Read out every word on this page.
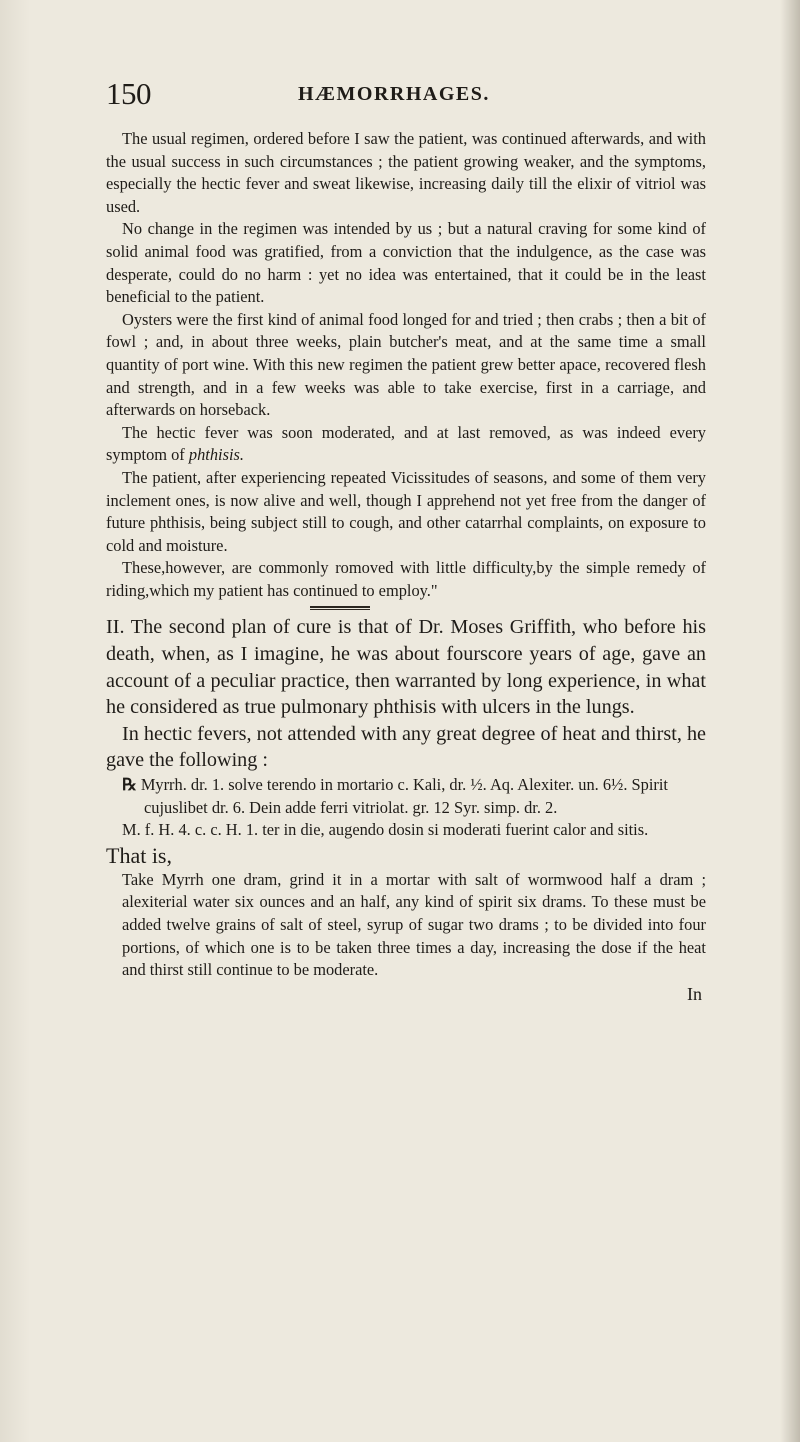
150	HÆMORRHAGES.

The usual regimen, ordered before I saw the patient, was continued afterwards, and with the usual success in such circumstances ; the patient growing weaker, and the symptoms, especially the hectic fever and sweat likewise, increasing daily till the elixir of vitriol was used.

No change in the regimen was intended by us ; but a natural craving for some kind of solid animal food was gratified, from a conviction that the indulgence, as the case was desperate, could do no harm : yet no idea was entertained, that it could be in the least beneficial to the patient.

Oysters were the first kind of animal food longed for and tried ; then crabs ; then a bit of fowl ; and, in about three weeks, plain butcher's meat, and at the same time a small quantity of port wine. With this new regimen the patient grew better apace, recovered flesh and strength, and in a few weeks was able to take exercise, first in a carriage, and afterwards on horseback.

The hectic fever was soon moderated, and at last removed, as was indeed every symptom of phthisis.

The patient, after experiencing repeated Vicissitudes of seasons, and some of them very inclement ones, is now alive and well, though I apprehend not yet free from the danger of future phthisis, being subject still to cough, and other catarrhal complaints, on exposure to cold and moisture.

These,however, are commonly romoved with little difficulty,by the simple remedy of riding,which my patient has continued to employ."

II. The second plan of cure is that of Dr. Moses Griffith, who before his death, when, as I imagine, he was about fourscore years of age, gave an account of a peculiar practice, then warranted by long experience, in what he considered as true pulmonary phthisis with ulcers in the lungs.

In hectic fevers, not attended with any great degree of heat and thirst, he gave the following :

℞ Myrrh. dr. 1. solve terendo in mortario c. Kali, dr. ½. Aq. Alexiter. un. 6½. Spirit cujuslibet dr. 6. Dein adde ferri vitriolat. gr. 12 Syr. simp. dr. 2.

M. f. H. 4. c. c. H. 1. ter in die, augendo dosin si moderati fuerint calor and sitis.

That is,

Take Myrrh one dram, grind it in a mortar with salt of wormwood half a dram ; alexiterial water six ounces and an half, any kind of spirit six drams. To these must be added twelve grains of salt of steel, syrup of sugar two drams ; to be divided into four portions, of which one is to be taken three times a day, increasing the dose if the heat and thirst still continue to be moderate.

In
